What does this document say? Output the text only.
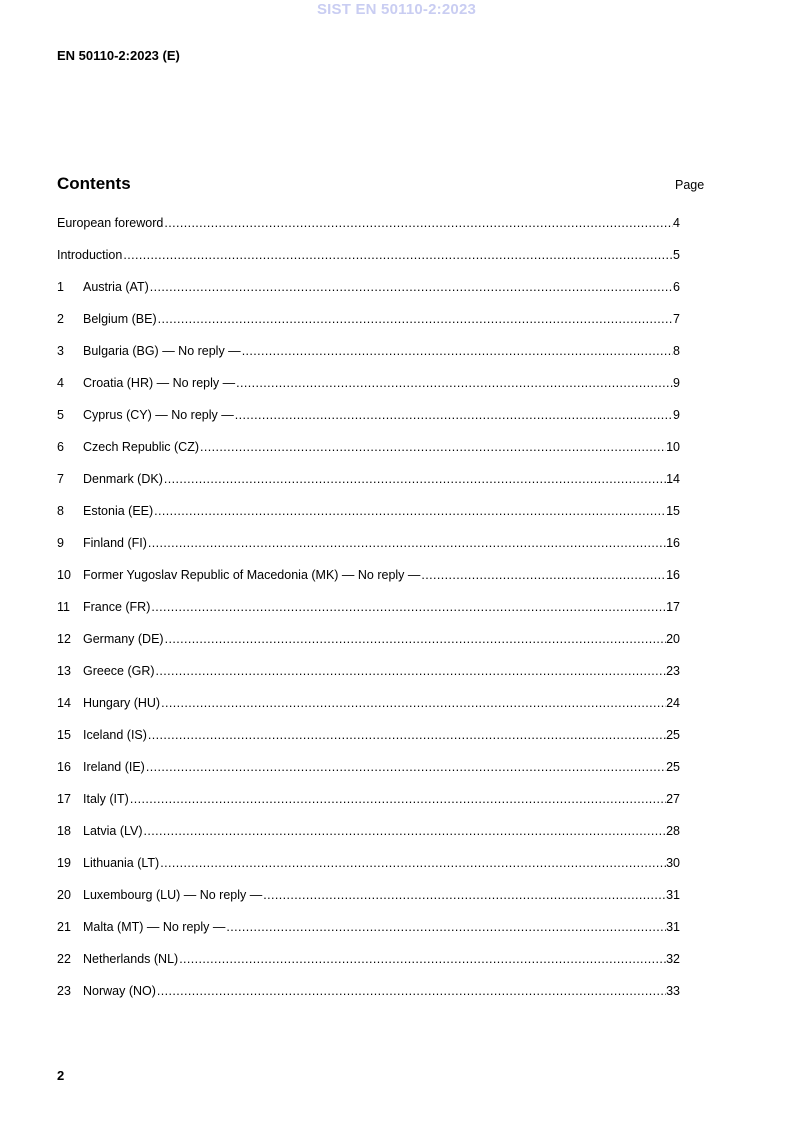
SIST EN 50110-2:2023
EN 50110-2:2023 (E)
Contents	Page
European foreword .....	4
Introduction .....	5
1	Austria (AT) .....	6
2	Belgium (BE) .....	7
3	Bulgaria (BG) — No reply — .....	8
4	Croatia (HR) — No reply — .....	9
5	Cyprus (CY) — No reply — .....	9
6	Czech Republic (CZ) .....	10
7	Denmark (DK) .....	14
8	Estonia (EE) .....	15
9	Finland (FI) .....	16
10 Former Yugoslav Republic of Macedonia (MK) — No reply — .....	16
11	France (FR) .....	17
12 Germany (DE) .....	20
13 Greece (GR) .....	23
14 Hungary (HU) .....	24
15 Iceland (IS) .....	25
16 Ireland (IE) .....	25
17 Italy (IT) .....	27
18 Latvia (LV) .....	28
19 Lithuania (LT) .....	30
20 Luxembourg (LU) — No reply — .....	31
21 Malta (MT) — No reply — .....	31
22 Netherlands (NL) .....	32
23 Norway (NO) .....	33
2
